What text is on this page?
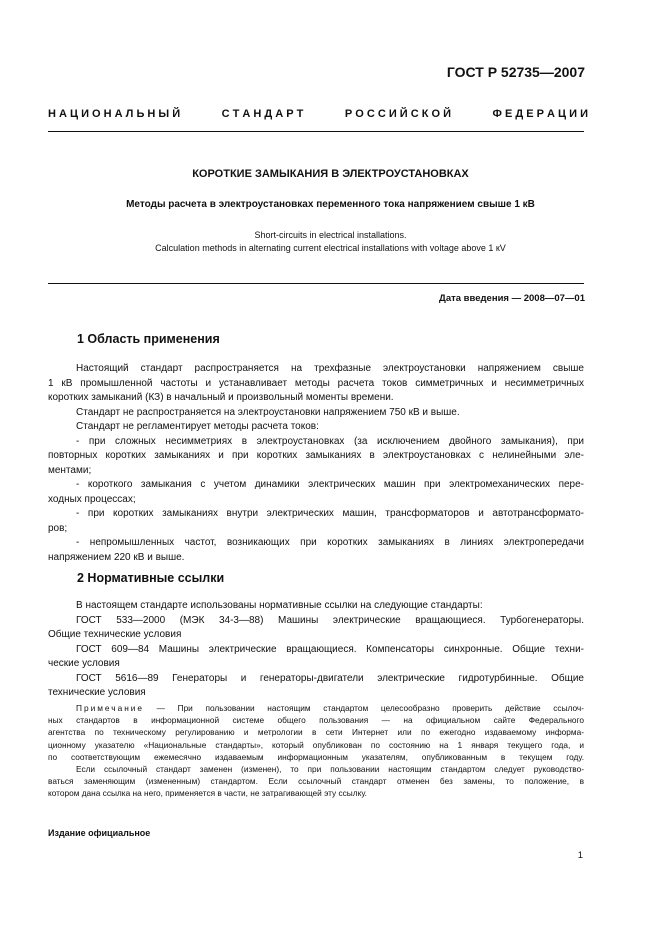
ГОСТ Р 52735—2007
Н А Ц И О Н А Л Ь Н Ы Й	С Т А Н Д А Р Т	Р О С С И Й С К О Й	Ф Е Д Е Р А Ц И И
КОРОТКИЕ ЗАМЫКАНИЯ В ЭЛЕКТРОУСТАНОВКАХ
Методы расчета в электроустановках переменного тока напряжением свыше 1 кВ
Short-circuits in electrical installations.
Calculation methods in alternating current electrical installations with voltage above 1 кV
Дата введения — 2008—07—01
1 Область применения

Настоящий стандарт распространяется на трехфазные электроустановки напряжением свыше

1 кВ промышленной частоты и устанавливает методы расчета токов симметричных и несимметричных

коротких замыканий (КЗ) в начальный и произвольный моменты времени.

Стандарт не распространяется на электроустановки напряжением 750 кВ и выше.

Стандарт не регламентирует методы расчета токов:

- при сложных несимметриях в электроустановках (за исключением двойного замыкания), при

повторных коротких замыканиях и при коротких замыканиях в электроустановках с нелинейными эле-

ментами;

- короткого замыкания с учетом динамики электрических машин при электромеханических пере-

ходных процессах;

- при коротких замыканиях внутри электрических машин, трансформаторов и автотрансформато-

ров;

- непромышленных частот, возникающих при коротких замыканиях в линиях электропередачи

напряжением 220 кВ и выше.

2 Нормативные ссылки

В настоящем стандарте использованы нормативные ссылки на следующие стандарты:

ГОСТ 533—2000 (МЭК 34-3—88) Машины электрические вращающиеся. Турбогенераторы.

Общие технические условия

ГОСТ 609—84 Машины электрические вращающиеся. Компенсаторы синхронные. Общие техни-

ческие условия

ГОСТ 5616—89 Генераторы и генераторы-двигатели электрические гидротурбинные. Общие

технические условия

Примечание — При пользовании настоящим стандартом целесообразно проверить действие ссылоч-

ных стандартов в информационной системе общего пользования — на официальном сайте Федерального

агентства по техническому регулированию и метрологии в сети Интернет или по ежегодно издаваемому информа-

ционному указателю «Национальные стандарты», который опубликован по состоянию на 1 января текущего года, и

по соответствующим ежемесячно издаваемым информационным указателям, опубликованным в текущем году.

Если ссылочный стандарт заменен (изменен), то при пользовании настоящим стандартом следует руководство-

ваться заменяющим (измененным) стандартом. Если ссылочный стандарт отменен без замены, то положение, в

котором дана ссылка на него, применяется в части, не затрагивающей эту ссылку.

Издание официальное
1
